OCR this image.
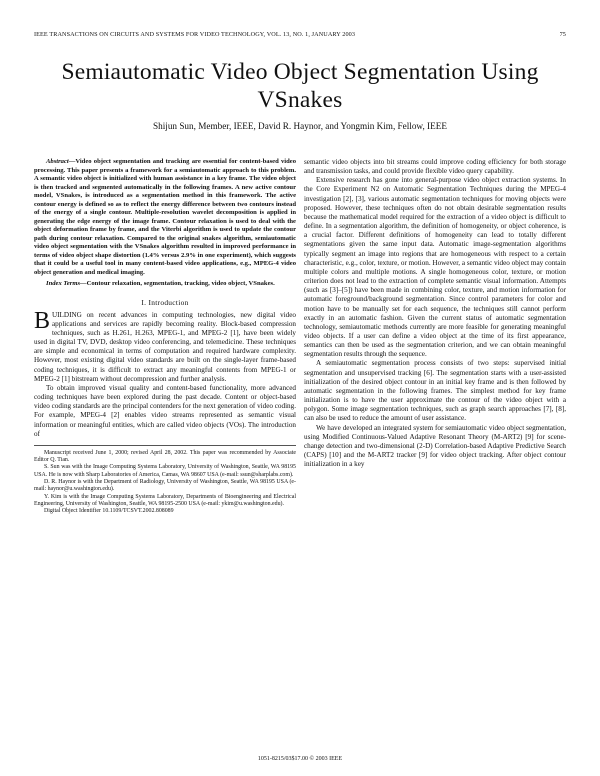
IEEE TRANSACTIONS ON CIRCUITS AND SYSTEMS FOR VIDEO TECHNOLOGY, VOL. 13, NO. 1, JANUARY 2003	75
Semiautomatic Video Object Segmentation Using VSnakes
Shijun Sun, Member, IEEE, David R. Haynor, and Yongmin Kim, Fellow, IEEE

Abstract—Video object segmentation and tracking are essential for content-based video processing. This paper presents a framework for a semiautomatic approach to this problem. A semantic video object is initialized with human assistance in a key frame. The video object is then tracked and segmented automatically in the following frames. A new active contour model, VSnakes, is introduced as a segmentation method in this framework. The active contour energy is defined so as to reflect the energy difference between two contours instead of the energy of a single contour. Multiple-resolution wavelet decomposition is applied in generating the edge energy of the image frame. Contour relaxation is used to deal with the object deformation frame by frame, and the Viterbi algorithm is used to update the contour path during contour relaxation. Compared to the original snakes algorithm, semiautomatic video object segmentation with the VSnakes algorithm resulted in improved performance in terms of video object shape distortion (1.4% versus 2.9% in one experiment), which suggests that it could be a useful tool in many content-based video applications, e.g., MPEG-4 video object generation and medical imaging.

Index Terms—Contour relaxation, segmentation, tracking, video object, VSnakes.

I. Introduction

BUILDING on recent advances in computing technologies, new digital video applications and services are rapidly becoming reality. Block-based compression techniques, such as H.261, H.263, MPEG-1, and MPEG-2 [1], have been widely used in digital TV, DVD, desktop video conferencing, and telemedicine. These techniques are simple and economical in terms of computation and required hardware complexity. However, most existing digital video standards are built on the single-layer frame-based coding techniques, it is difficult to extract any meaningful contents from MPEG-1 or MPEG-2 [1] bitstream without decompression and further analysis.

To obtain improved visual quality and content-based functionality, more advanced coding techniques have been explored during the past decade. Content or object-based video coding standards are the principal contenders for the next generation of video coding. For example, MPEG-4 [2] enables video streams represented as semantic visual information or meaningful entities, which are called video objects (VOs). The introduction of

Manuscript received June 1, 2000; revised April 28, 2002. This paper was recommended by Associate Editor Q. Tian.

S. Sun was with the Image Computing Systems Laboratory, University of Washington, Seattle, WA 98195 USA. He is now with Sharp Laboratories of America, Camas, WA 98607 USA (e-mail: ssun@sharplabs.com).

D. R. Haynor is with the Department of Radiology, University of Washington, Seattle, WA 98195 USA (e-mail: haynor@u.washington.edu).

Y. Kim is with the Image Computing Systems Laboratory, Departments of Bioengineering and Electrical Engineering, University of Washington, Seattle, WA 98195-2500 USA (e-mail: ykim@u.washington.edu).

Digital Object Identifier 10.1109/TCSVT.2002.808089

semantic video objects into bit streams could improve coding efficiency for both storage and transmission tasks, and could provide flexible video query capability.

Extensive research has gone into general-purpose video object extraction systems. In the Core Experiment N2 on Automatic Segmentation Techniques during the MPEG-4 investigation [2], [3], various automatic segmentation techniques for moving objects were proposed. However, these techniques often do not obtain desirable segmentation results because the mathematical model required for the extraction of a video object is difficult to define. In a segmentation algorithm, the definition of homogeneity, or object coherence, is a crucial factor. Different definitions of homogeneity can lead to totally different segmentations given the same input data. Automatic image-segmentation algorithms typically segment an image into regions that are homogeneous with respect to a certain characteristic, e.g., color, texture, or motion. However, a semantic video object may contain multiple colors and multiple motions. A single homogeneous color, texture, or motion criterion does not lead to the extraction of complete semantic visual information. Attempts (such as [3]–[5]) have been made in combining color, texture, and motion information for automatic foreground/background segmentation. Since control parameters for color and motion have to be manually set for each sequence, the techniques still cannot perform exactly in an automatic fashion. Given the current status of automatic segmentation technology, semiautomatic methods currently are more feasible for generating meaningful video objects. If a user can define a video object at the time of its first appearance, semantics can then be used as the segmentation criterion, and we can obtain meaningful segmentation results through the sequence.

A semiautomatic segmentation process consists of two steps: supervised initial segmentation and unsupervised tracking [6]. The segmentation starts with a user-assisted initialization of the desired object contour in an initial key frame and is then followed by automatic segmentation in the following frames. The simplest method for key frame initialization is to have the user approximate the contour of the video object with a polygon. Some image segmentation techniques, such as graph search approaches [7], [8], can also be used to reduce the amount of user assistance.

We have developed an integrated system for semiautomatic video object segmentation, using Modified Continuous-Valued Adaptive Resonant Theory (M-ART2) [9] for scene-change detection and two-dimensional (2-D) Correlation-based Adaptive Predictive Search (CAPS) [10] and the M-ART2 tracker [9] for video object tracking. After object contour initialization in a key

1051-8215/03$17.00 © 2003 IEEE
